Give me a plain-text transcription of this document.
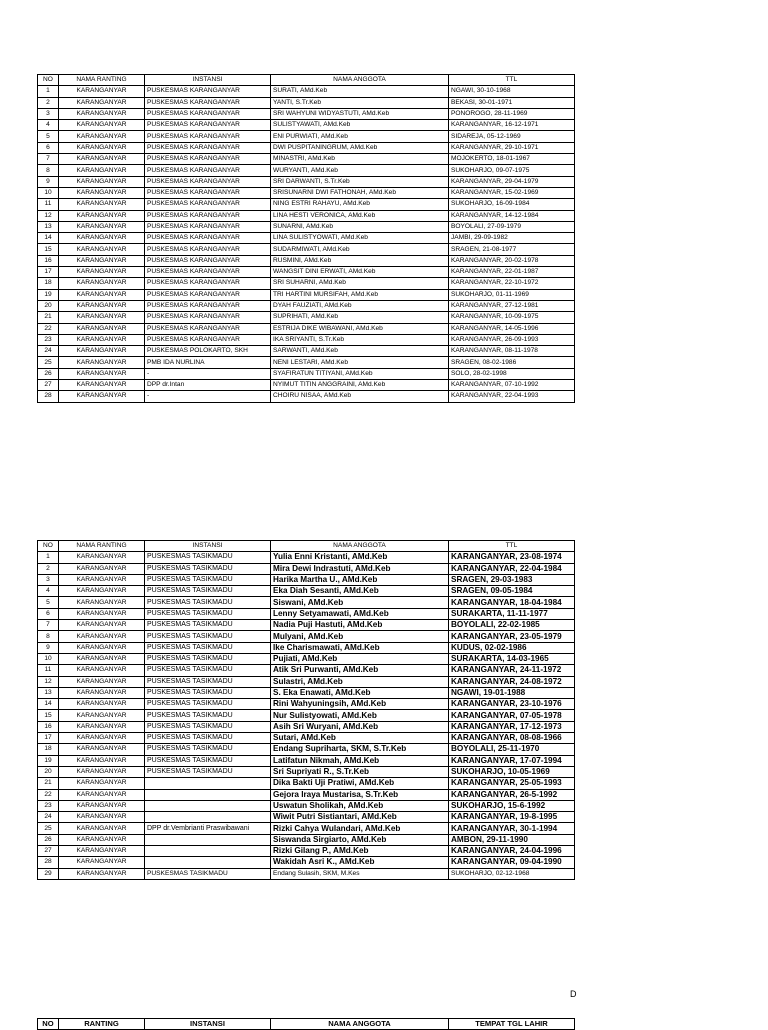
NO	NAMA RANTING	INSTANSI	NAMA ANGGOTA	TTL
1	KARANGANYAR	PUSKESMAS KARANGANYAR	SURATI, AMd.Keb	NGAWI, 30-10-1968
2	KARANGANYAR	PUSKESMAS KARANGANYAR	YANTI, S.Tr.Keb	BEKASI, 30-01-1971
3	KARANGANYAR	PUSKESMAS KARANGANYAR	SRI WAHYUNI WIDYASTUTI, AMd.Keb	PONOROGO, 28-11-1969
4	KARANGANYAR	PUSKESMAS KARANGANYAR	SULISTYAWATI, AMd.Keb	KARANGANYAR, 16-12-1971
5	KARANGANYAR	PUSKESMAS KARANGANYAR	ENI PURWIATI, AMd.Keb	SIDAREJA, 05-12-1969
6	KARANGANYAR	PUSKESMAS KARANGANYAR	DWI PUSPITANINGRUM, AMd.Keb	KARANGANYAR, 29-10-1971
7	KARANGANYAR	PUSKESMAS KARANGANYAR	MINASTRI, AMd.Keb	MOJOKERTO, 18-01-1967
8	KARANGANYAR	PUSKESMAS KARANGANYAR	WURYANTI, AMd.Keb	SUKOHARJO, 09-07-1975
9	KARANGANYAR	PUSKESMAS KARANGANYAR	SRI DARWANTI, S.Tr.Keb	KARANGANYAR, 29-04-1979
10	KARANGANYAR	PUSKESMAS KARANGANYAR	SRISUNARNI DWI FATHONAH, AMd.Keb	KARANGANYAR, 15-02-1969
11	KARANGANYAR	PUSKESMAS KARANGANYAR	NING ESTRI RAHAYU, AMd.Keb	SUKOHARJO, 16-09-1984
12	KARANGANYAR	PUSKESMAS KARANGANYAR	LINA HESTI VERONICA, AMd.Keb	KARANGANYAR, 14-12-1984
13	KARANGANYAR	PUSKESMAS KARANGANYAR	SUNARNI, AMd.Keb	BOYOLALI, 27-09-1979
14	KARANGANYAR	PUSKESMAS KARANGANYAR	LINA SULISTYOWATI, AMd.Keb	JAMBI, 29-09-1982
15	KARANGANYAR	PUSKESMAS KARANGANYAR	SUDARMIWATI, AMd.Keb	SRAGEN, 21-08-1977
16	KARANGANYAR	PUSKESMAS KARANGANYAR	RUSMINI, AMd.Keb	KARANGANYAR, 20-02-1978
17	KARANGANYAR	PUSKESMAS KARANGANYAR	WANGSIT DINI ERWATI, AMd.Keb	KARANGANYAR, 22-01-1987
18	KARANGANYAR	PUSKESMAS KARANGANYAR	SRI SUHARNI, AMd.Keb	KARANGANYAR, 22-10-1972
19	KARANGANYAR	PUSKESMAS KARANGANYAR	TRI HARTINI MURSIFAH, AMd.Keb	SUKOHARJO, 01-11-1969
20	KARANGANYAR	PUSKESMAS KARANGANYAR	DYAH FAUZIATI, AMd.Keb	KARANGANYAR, 27-12-1981
21	KARANGANYAR	PUSKESMAS KARANGANYAR	SUPRIHATI, AMd.Keb	KARANGANYAR, 10-09-1975
22	KARANGANYAR	PUSKESMAS KARANGANYAR	ESTRIJA DIKE WIBAWANI, AMd.Keb	KARANGANYAR, 14-05-1996
23	KARANGANYAR	PUSKESMAS KARANGANYAR	IKA SRIYANTI, S.Tr.Keb	KARANGANYAR, 26-09-1993
24	KARANGANYAR	PUSKESMAS POLOKARTO, SKH	SARWANTI, AMd.Keb	KARANGANYAR, 08-11-1978
25	KARANGANYAR	PMB IDA NURLINA	NENI LESTARI, AMd.Keb	SRAGEN, 08-02-1986
26	KARANGANYAR	-	SYAFIRATUN TITIYANI, AMd.Keb	SOLO, 28-02-1998
27	KARANGANYAR	DPP dr.Intan	NYIMUT TITIN ANGGRAINI, AMd.Keb	KARANGANYAR, 07-10-1992
28	KARANGANYAR	-	CHOIRU NISAA, AMd.Keb	KARANGANYAR, 22-04-1993
NO	NAMA RANTING	INSTANSI	NAMA ANGGOTA	TTL
1	KARANGANYAR	PUSKESMAS TASIKMADU	Yulia Enni Kristanti, AMd.Keb	KARANGANYAR, 23-08-1974
2	KARANGANYAR	PUSKESMAS TASIKMADU	Mira Dewi Indrastuti, AMd.Keb	KARANGANYAR, 22-04-1984
3	KARANGANYAR	PUSKESMAS TASIKMADU	Harika Martha U., AMd.Keb	SRAGEN, 29-03-1983
4	KARANGANYAR	PUSKESMAS TASIKMADU	Eka Diah Sesanti, AMd.Keb	SRAGEN, 09-05-1984
5	KARANGANYAR	PUSKESMAS TASIKMADU	Siswani, AMd.Keb	KARANGANYAR, 18-04-1984
6	KARANGANYAR	PUSKESMAS TASIKMADU	Lenny Setyamawati, AMd.Keb	SURAKARTA, 11-11-1977
7	KARANGANYAR	PUSKESMAS TASIKMADU	Nadia Puji Hastuti, AMd.Keb	BOYOLALI, 22-02-1985
8	KARANGANYAR	PUSKESMAS TASIKMADU	Mulyani, AMd.Keb	KARANGANYAR, 23-05-1979
9	KARANGANYAR	PUSKESMAS TASIKMADU	Ike Charismawati, AMd.Keb	KUDUS, 02-02-1986
10	KARANGANYAR	PUSKESMAS TASIKMADU	Pujiati, AMd.Keb	SURAKARTA, 14-03-1965
11	KARANGANYAR	PUSKESMAS TASIKMADU	Atik Sri Purwanti, AMd.Keb	KARANGANYAR, 24-11-1972
12	KARANGANYAR	PUSKESMAS TASIKMADU	Sulastri, AMd.Keb	KARANGANYAR, 24-08-1972
13	KARANGANYAR	PUSKESMAS TASIKMADU	S. Eka Enawati, AMd.Keb	NGAWI, 19-01-1988
14	KARANGANYAR	PUSKESMAS TASIKMADU	Rini Wahyuningsih, AMd.Keb	KARANGANYAR, 23-10-1976
15	KARANGANYAR	PUSKESMAS TASIKMADU	Nur Sulistyowati, AMd.Keb	KARANGANYAR, 07-05-1978
16	KARANGANYAR	PUSKESMAS TASIKMADU	Asih Sri Wuryani, AMd.Keb	KARANGANYAR, 17-12-1973
17	KARANGANYAR	PUSKESMAS TASIKMADU	Sutari, AMd.Keb	KARANGANYAR, 08-08-1966
18	KARANGANYAR	PUSKESMAS TASIKMADU	Endang Supriharta, SKM, S.Tr.Keb	BOYOLALI, 25-11-1970
19	KARANGANYAR	PUSKESMAS TASIKMADU	Latifatun Nikmah, AMd.Keb	KARANGANYAR, 17-07-1994
20	KARANGANYAR	PUSKESMAS TASIKMADU	Sri Supriyati R., S.Tr.Keb	SUKOHARJO, 10-05-1969
21	KARANGANYAR		Dika Bakti Uji Pratiwi, AMd.Keb	KARANGANYAR, 25-05-1993
22	KARANGANYAR		Gejora Iraya Mustarisa, S.Tr.Keb	KARANGANYAR, 26-5-1992
23	KARANGANYAR		Uswatun Sholikah, AMd.Keb	SUKOHARJO, 15-6-1992
24	KARANGANYAR		Wiwit Putri Sistiantari, AMd.Keb	KARANGANYAR, 19-8-1995
25	KARANGANYAR	DPP dr.Vembrianti Praswibawani	Rizki Cahya Wulandari, AMd.Keb	KARANGANYAR, 30-1-1994
26	KARANGANYAR		Siswanda Sirgiarto, AMd.Keb	AMBON, 29-11-1990
27	KARANGANYAR		Rizki Gilang P., AMd.Keb	KARANGANYAR, 24-04-1996
28	KARANGANYAR		Wakidah Asri K., AMd.Keb	KARANGANYAR, 09-04-1990
29	KARANGANYAR	PUSKESMAS TASIKMADU	Endang Sulasih, SKM, M.Kes	SUKOHARJO, 02-12-1968
D
NO	RANTING	INSTANSI	NAMA ANGGOTA	TEMPAT TGL LAHIR
